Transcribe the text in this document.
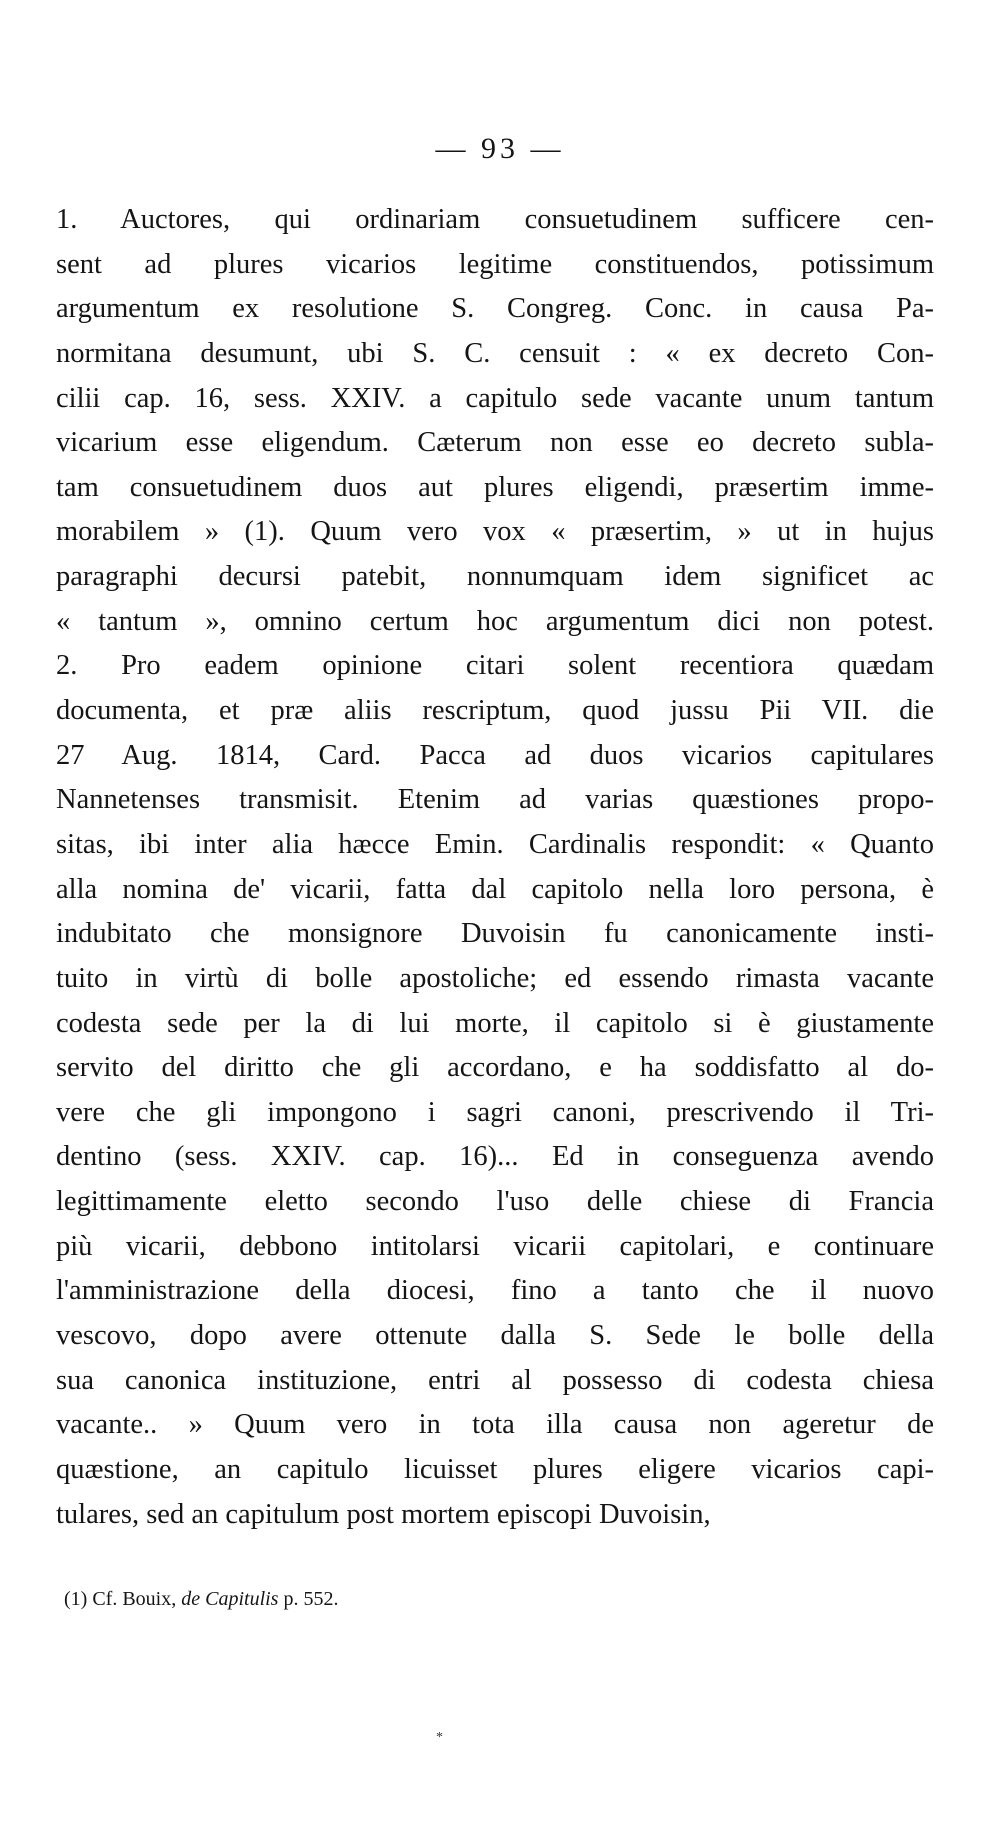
— 93 —
1. Auctores, qui ordinariam consuetudinem sufficere cen-
sent ad plures vicarios legitime constituendos, potissimum
argumentum ex resolutione S. Congreg. Conc. in causa Pa-
normitana desumunt, ubi S. C. censuit : « ex decreto Con-
cilii cap. 16, sess. XXIV. a capitulo sede vacante unum tantum
vicarium esse eligendum. Cæterum non esse eo decreto subla-
tam consuetudinem duos aut plures eligendi, præsertim imme-
morabilem » (1). Quum vero vox « præsertim, » ut in hujus
paragraphi decursi patebit, nonnumquam idem significet ac
« tantum », omnino certum hoc argumentum dici non potest.
2. Pro eadem opinione citari solent recentiora quædam
documenta, et præ aliis rescriptum, quod jussu Pii VII. die
27 Aug. 1814, Card. Pacca ad duos vicarios capitulares
Nannetenses transmisit. Etenim ad varias quæstiones propo-
sitas, ibi inter alia hæcce Emin. Cardinalis respondit: « Quanto
alla nomina de' vicarii, fatta dal capitolo nella loro persona, è
indubitato che monsignore Duvoisin fu canonicamente insti-
tuito in virtù di bolle apostoliche; ed essendo rimasta vacante
codesta sede per la di lui morte, il capitolo si è giustamente
servito del diritto che gli accordano, e ha soddisfatto al do-
vere che gli impongono i sagri canoni, prescrivendo il Tri-
dentino (sess. XXIV. cap. 16)... Ed in conseguenza avendo
legittimamente eletto secondo l'uso delle chiese di Francia
più vicarii, debbono intitolarsi vicarii capitolari, e continuare
l'amministrazione della diocesi, fino a tanto che il nuovo
vescovo, dopo avere ottenute dalla S. Sede le bolle della
sua canonica instituzione, entri al possesso di codesta chiesa
vacante.. » Quum vero in tota illa causa non ageretur de
quæstione, an capitulo licuisset plures eligere vicarios capi-
tulares, sed an capitulum post mortem episcopi Duvoisin,
(1) Cf. Bouix, de Capitulis p. 552.
*
